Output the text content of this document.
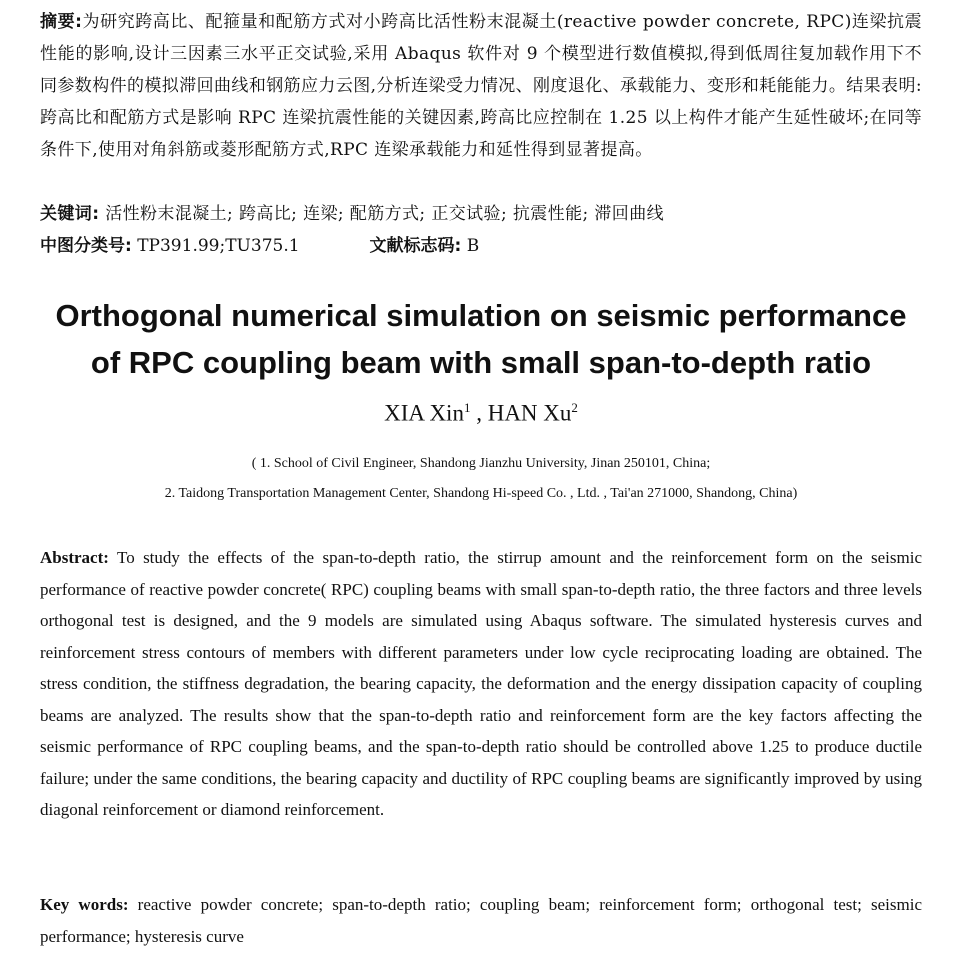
摘要:为研究跨高比、配箍量和配筋方式对小跨高比活性粉末混凝土(reactive powder concrete, RPC)连梁抗震性能的影响,设计三因素三水平正交试验,采用 Abaqus 软件对 9 个模型进行数值模拟,得到低周往复加载作用下不同参数构件的模拟滞回曲线和钢筋应力云图,分析连梁受力情况、刚度退化、承载能力、变形和耗能能力。结果表明:跨高比和配筋方式是影响 RPC 连梁抗震性能的关键因素,跨高比应控制在 1.25 以上构件才能产生延性破坏;在同等条件下,使用对角斜筋或菱形配筋方式,RPC 连梁承载能力和延性得到显著提高。

关键词: 活性粉末混凝土; 跨高比; 连梁; 配筋方式; 正交试验; 抗震性能; 滞回曲线

中图分类号: TP391.99;TU375.1	文献标志码: B

Orthogonal numerical simulation on seismic performance
of RPC coupling beam with small span-to-depth ratio

XIA Xin$^1$ , HAN Xu$^2$

( 1. School of Civil Engineer, Shandong Jianzhu University, Jinan 250101, China;

2. Taidong Transportation Management Center, Shandong Hi-speed Co. , Ltd. , Tai'an 271000, Shandong, China)

Abstract: To study the effects of the span-to-depth ratio, the stirrup amount and the reinforcement form on the seismic performance of reactive powder concrete( RPC) coupling beams with small span-to-depth ratio, the three factors and three levels orthogonal test is designed, and the 9 models are simulated using Abaqus software. The simulated hysteresis curves and reinforcement stress contours of members with different parameters under low cycle reciprocating loading are obtained. The stress condition, the stiffness degradation, the bearing capacity, the deformation and the energy dissipation capacity of coupling beams are analyzed. The results show that the span-to-depth ratio and reinforcement form are the key factors affecting the seismic performance of RPC coupling beams, and the span-to-depth ratio should be controlled above 1.25 to produce ductile failure; under the same conditions, the bearing capacity and ductility of RPC coupling beams are significantly improved by using diagonal reinforcement or diamond reinforcement.

Key words: reactive powder concrete; span-to-depth ratio; coupling beam; reinforcement form; orthogonal test; seismic performance; hysteresis curve
